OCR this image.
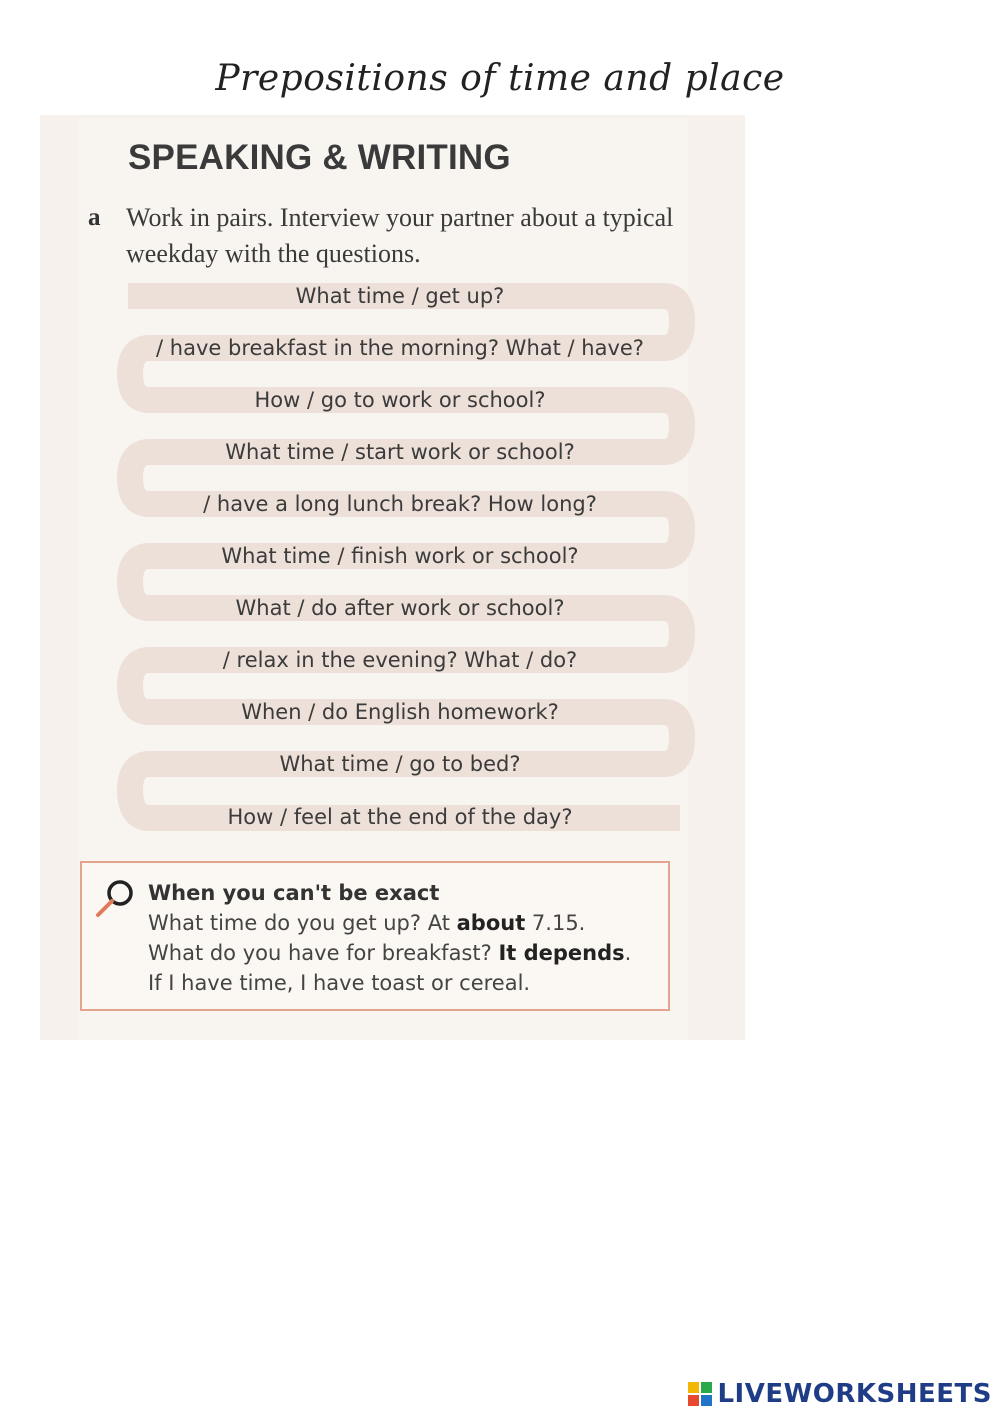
Prepositions of time and place
SPEAKING & WRITING
a Work in pairs. Interview your partner about a typical weekday with the questions.
What time / get up?
/ have breakfast in the morning? What / have?
How / go to work or school?
What time / start work or school?
/ have a long lunch break? How long?
What time / finish work or school?
What / do after work or school?
/ relax in the evening? What / do?
When / do English homework?
What time / go to bed?
How / feel at the end of the day?
When you can't be exact
What time do you get up? At about 7.15.
What do you have for breakfast? It depends.
If I have time, I have toast or cereal.
LIVEWORKSHEETS
